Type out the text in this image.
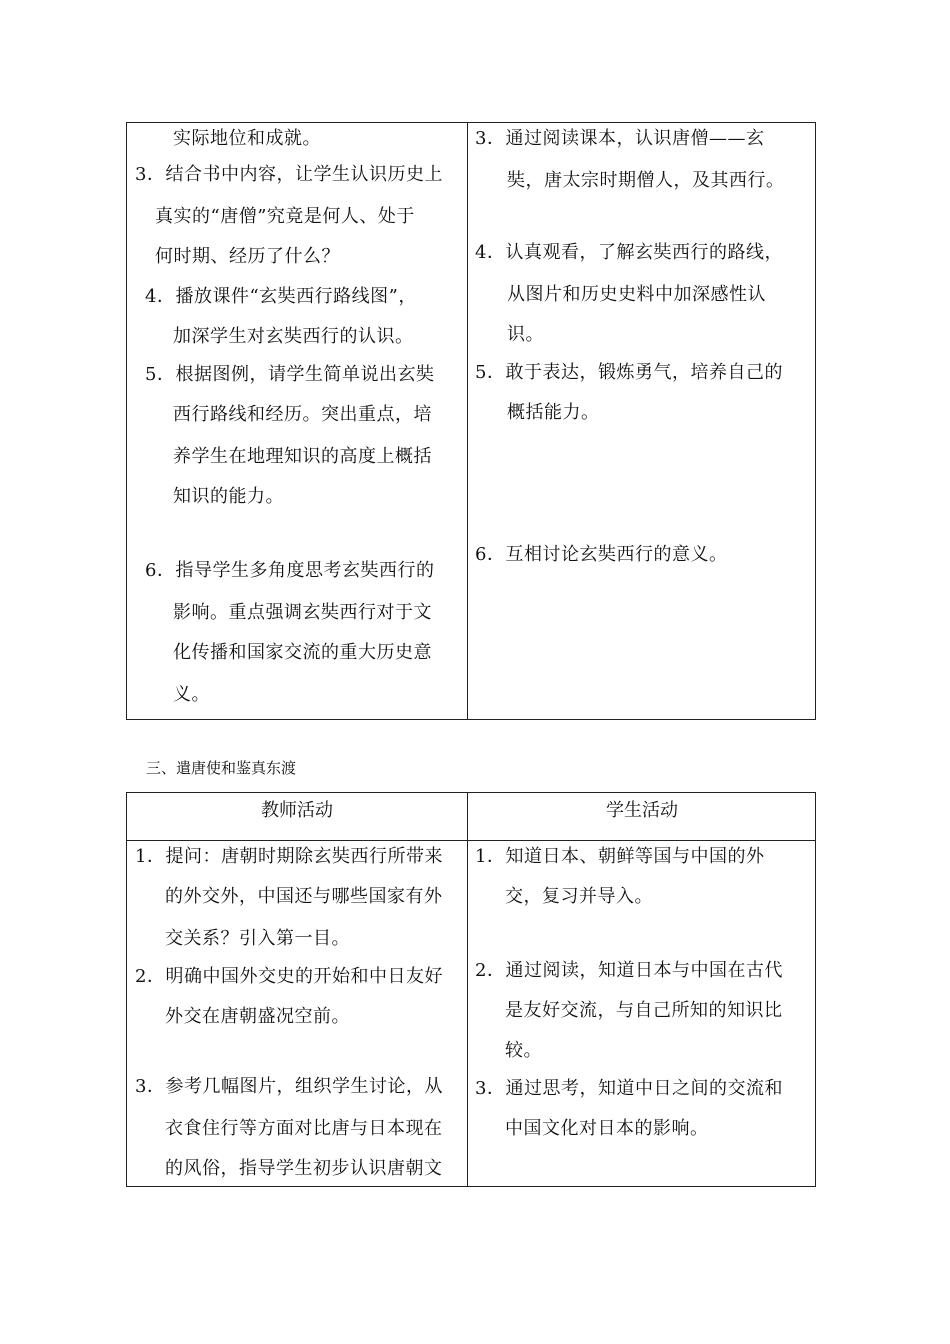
实际地位和成就。
3．结合书中内容，让学生认识历史上
真实的“唐僧”究竟是何人、处于
何时期、经历了什么？
4．播放课件“玄奘西行路线图”，
加深学生对玄奘西行的认识。
5．根据图例，请学生简单说出玄奘
西行路线和经历。突出重点，培
养学生在地理知识的高度上概括
知识的能力。
6．指导学生多角度思考玄奘西行的
影响。重点强调玄奘西行对于文
化传播和国家交流的重大历史意
义。
3．通过阅读课本，认识唐僧——玄
奘，唐太宗时期僧人，及其西行。
4．认真观看，了解玄奘西行的路线，
从图片和历史史料中加深感性认
识。
5．敢于表达，锻炼勇气，培养自己的
概括能力。
6．互相讨论玄奘西行的意义。
三、遣唐使和鉴真东渡
教师活动	学生活动
1．提问：唐朝时期除玄奘西行所带来
的外交外，中国还与哪些国家有外
交关系？引入第一目。
2．明确中国外交史的开始和中日友好
外交在唐朝盛况空前。
3．参考几幅图片，组织学生讨论，从
衣食住行等方面对比唐与日本现在
的风俗，指导学生初步认识唐朝文
1．知道日本、朝鲜等国与中国的外
交，复习并导入。
2．通过阅读，知道日本与中国在古代
是友好交流，与自己所知的知识比
较。
3．通过思考，知道中日之间的交流和
中国文化对日本的影响。
